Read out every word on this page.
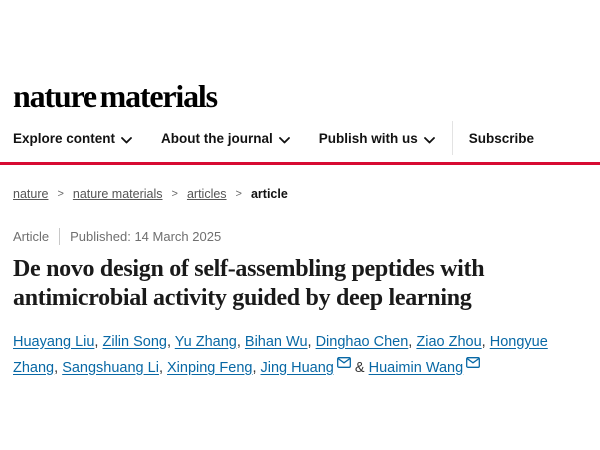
nature materials
Explore content	About the journal	Publish with us	Subscribe
nature > nature materials > articles > article
Article Published: 14 March 2025
De novo design of self-assembling peptides with antimicrobial activity guided by deep learning

Huayang Liu, Zilin Song, Yu Zhang, Bihan Wu, Dinghao Chen, Ziao Zhou, Hongyue Zhang, Sangshuang Li, Xinping Feng, Jing Huang & Huaimin Wang
